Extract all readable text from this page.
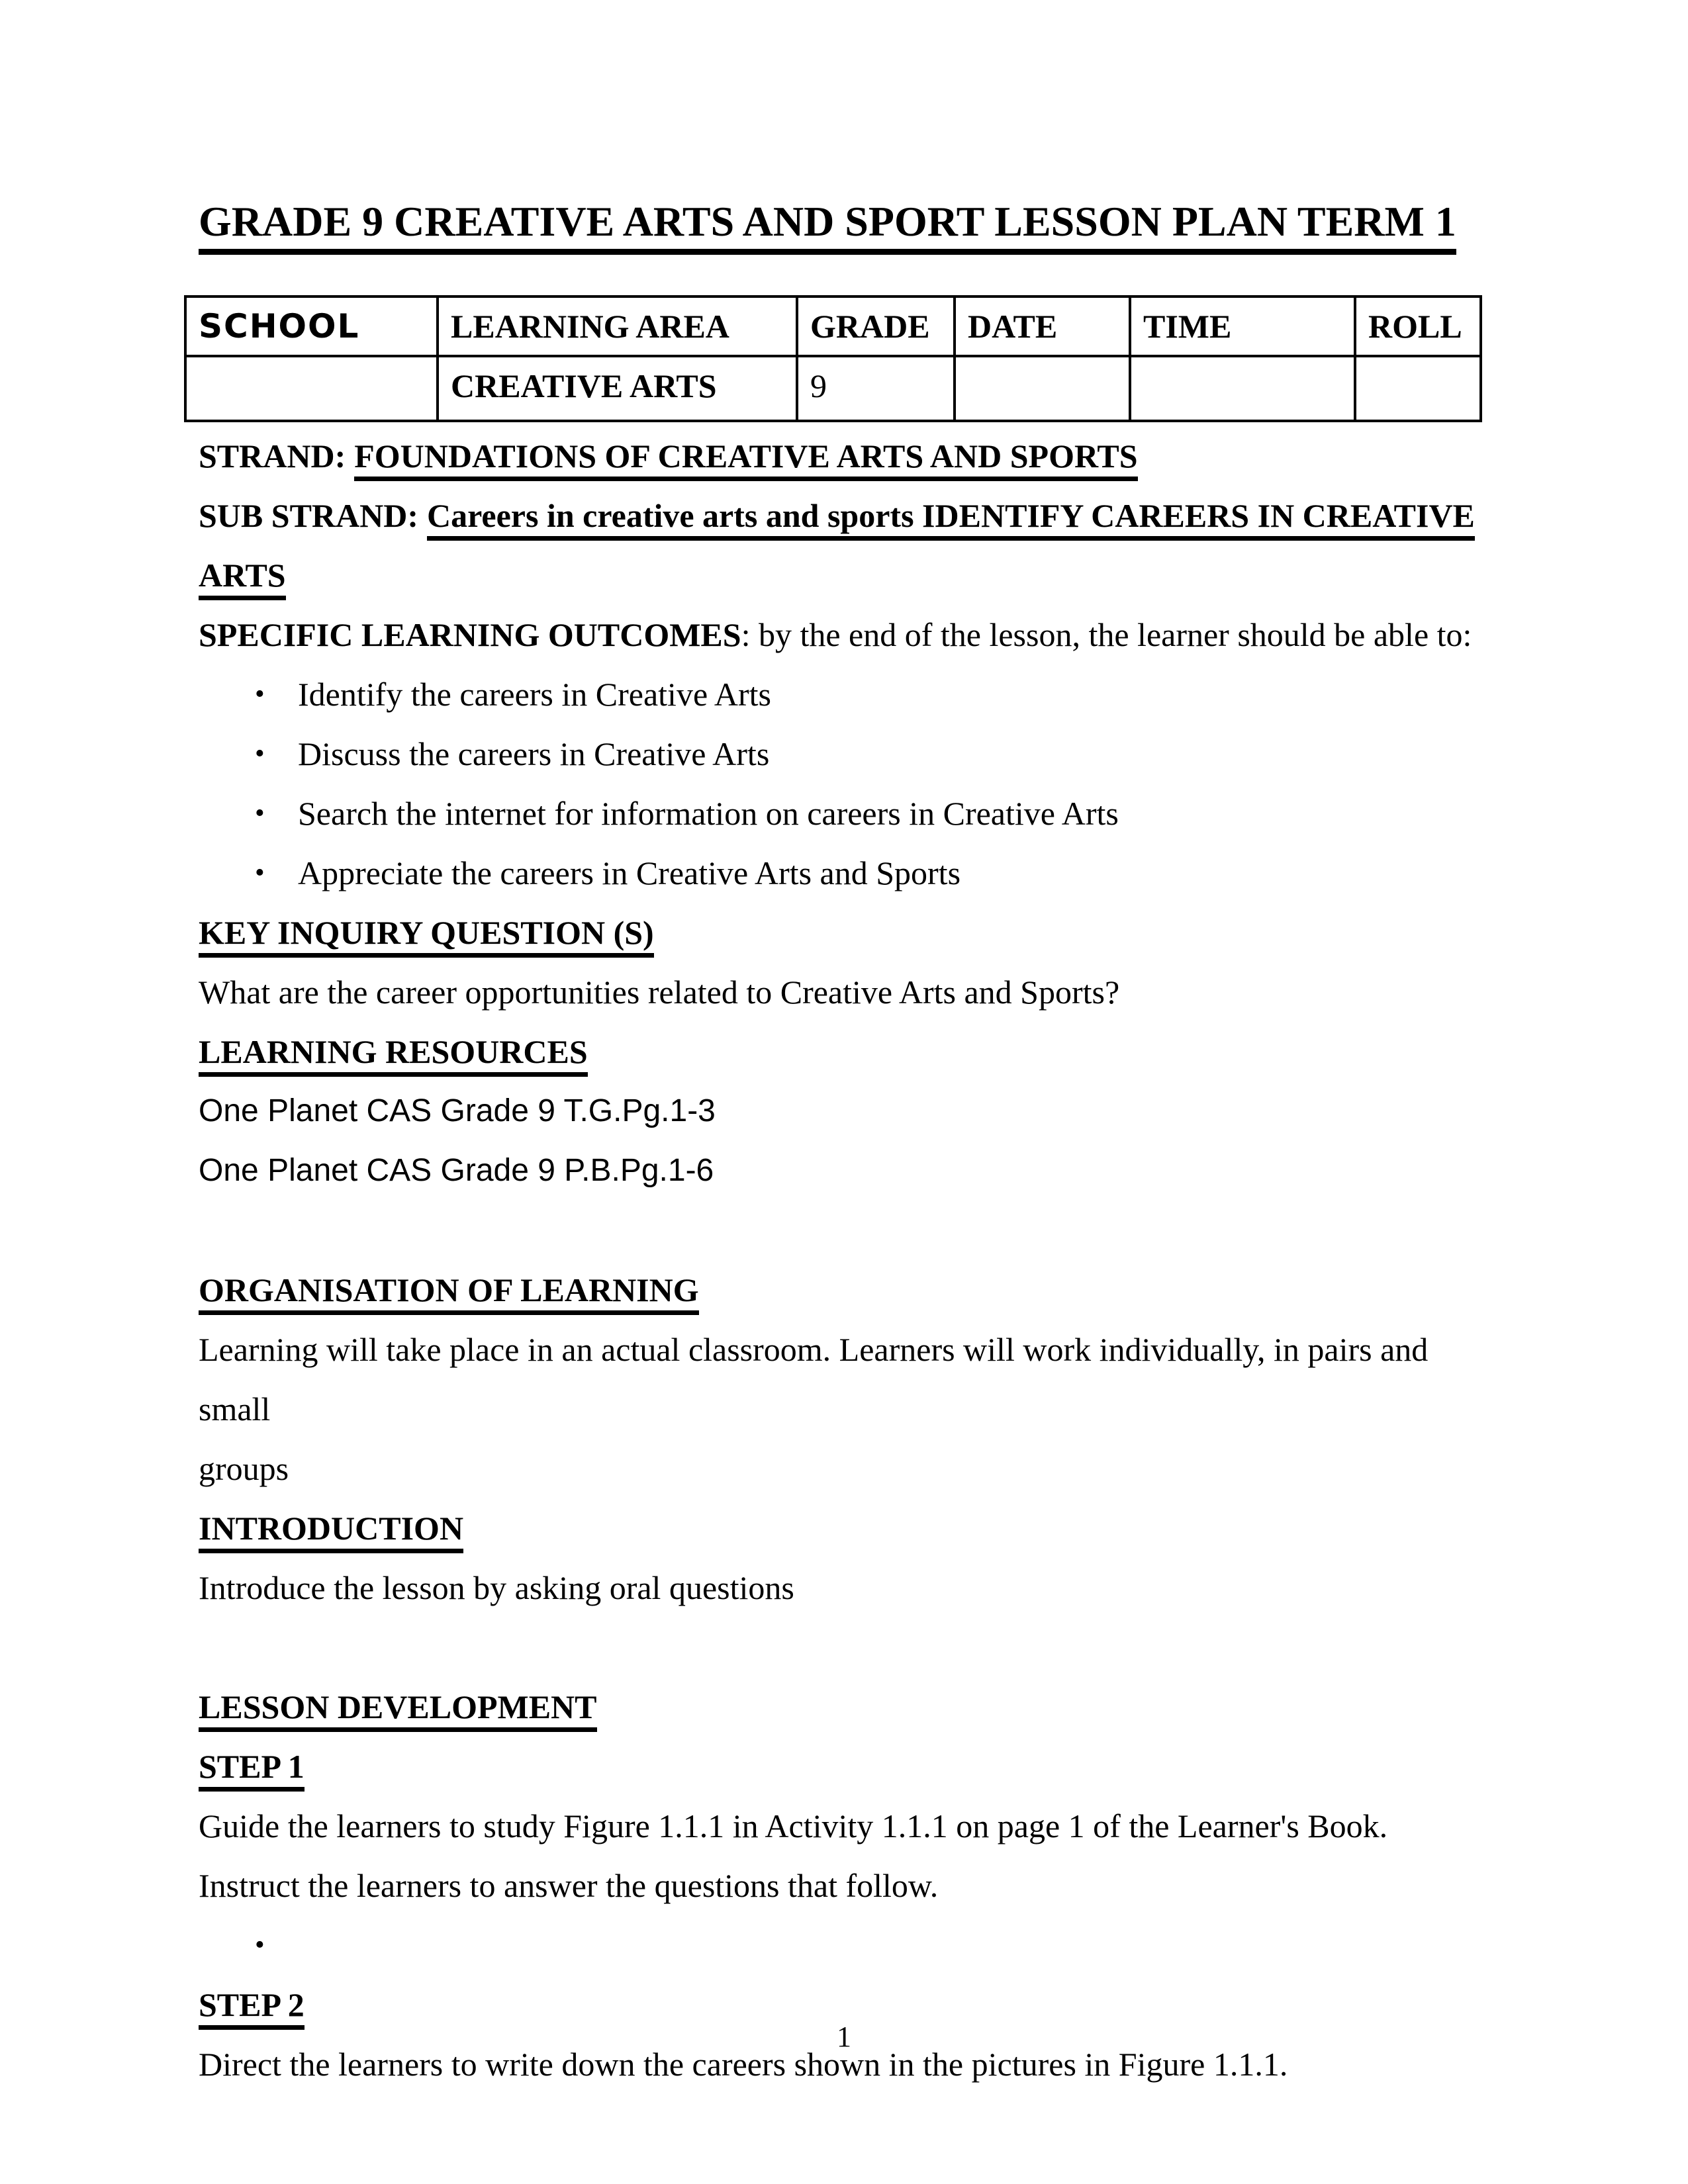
GRADE 9 CREATIVE ARTS AND SPORT LESSON PLAN TERM 1
SCHOOL	LEARNING AREA	GRADE	DATE	TIME	ROLL
	CREATIVE ARTS	9			
STRAND: FOUNDATIONS OF CREATIVE ARTS AND SPORTS
SUB STRAND: Careers in creative arts and sports IDENTIFY CAREERS IN CREATIVE
ARTS
SPECIFIC LEARNING OUTCOMES: by the end of the lesson, the learner should be able to:
•	Identify the careers in Creative Arts
•	Discuss the careers in Creative Arts
•	Search the internet for information on careers in Creative Arts
•	Appreciate the careers in Creative Arts and Sports
KEY INQUIRY QUESTION (S)
What are the career opportunities related to Creative Arts and Sports?
LEARNING RESOURCES
One Planet CAS Grade 9 T.G.Pg.1-3
One Planet CAS Grade 9 P.B.Pg.1-6
ORGANISATION OF LEARNING
Learning will take place in an actual classroom. Learners will work individually, in pairs and small
groups
INTRODUCTION
Introduce the lesson by asking oral questions
LESSON DEVELOPMENT
STEP 1
Guide the learners to study Figure 1.1.1 in Activity 1.1.1 on page 1 of the Learner's Book.
Instruct the learners to answer the questions that follow.
•
STEP 2
Direct the learners to write down the careers shown in the pictures in Figure 1.1.1.
1
